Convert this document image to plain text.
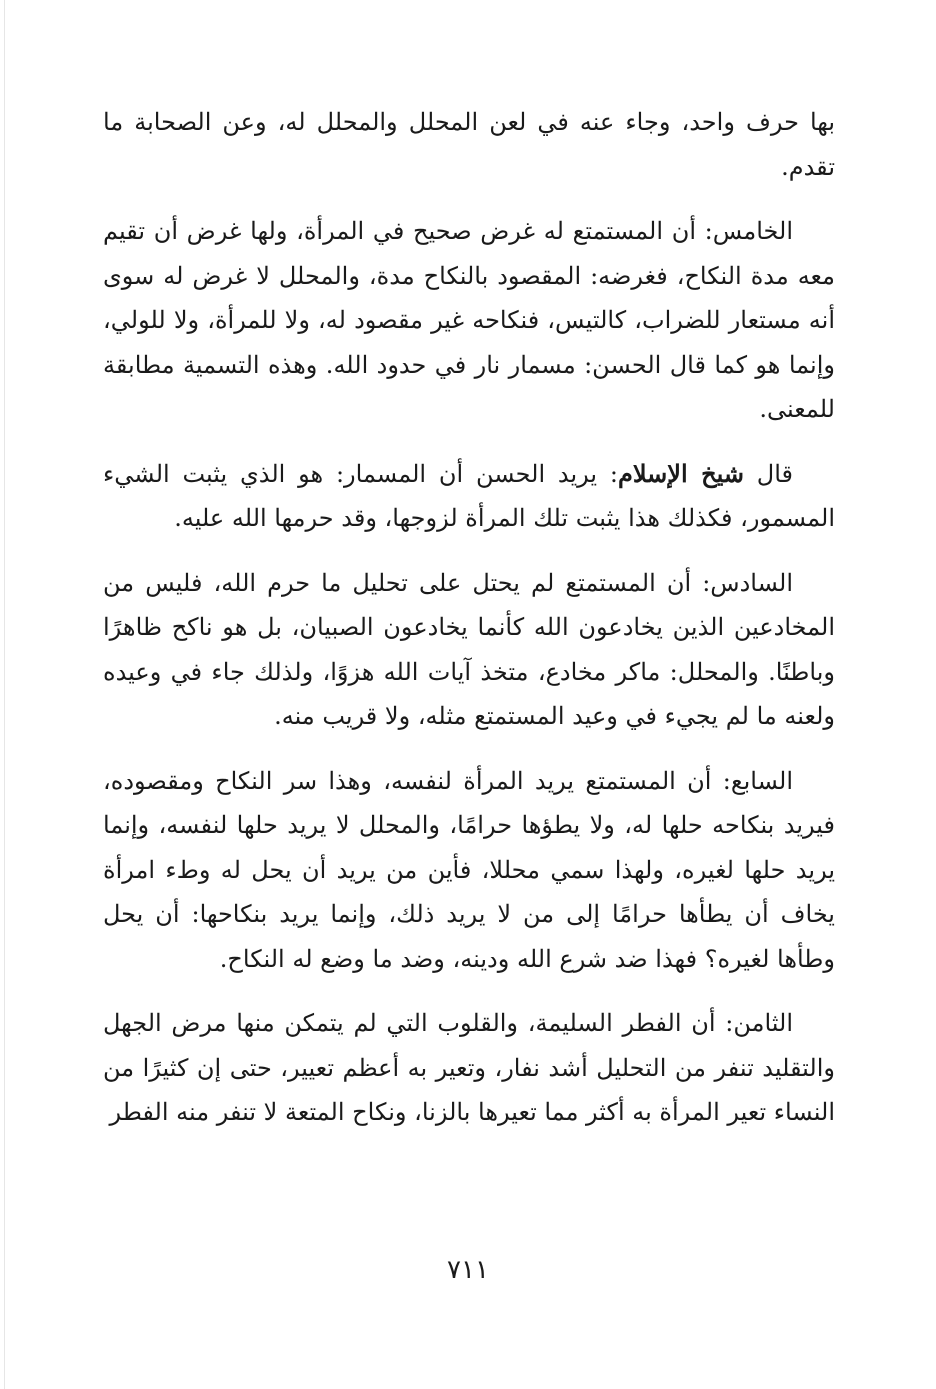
بها حرف واحد، وجاء عنه في لعن المحلل والمحلل له، وعن الصحابة ما تقدم.

الخامس: أن المستمتع له غرض صحيح في المرأة، ولها غرض أن تقيم معه مدة النكاح، فغرضه: المقصود بالنكاح مدة، والمحلل لا غرض له سوى أنه مستعار للضراب، كالتيس، فنكاحه غير مقصود له، ولا للمرأة، ولا للولي، وإنما هو كما قال الحسن: مسمار نار في حدود الله. وهذه التسمية مطابقة للمعنى.

قال شيخ الإسلام: يريد الحسن أن المسمار: هو الذي يثبت الشيء المسمور، فكذلك هذا يثبت تلك المرأة لزوجها، وقد حرمها الله عليه.

السادس: أن المستمتع لم يحتل على تحليل ما حرم الله، فليس من المخادعين الذين يخادعون الله كأنما يخادعون الصبيان، بل هو ناكح ظاهرًا وباطنًا. والمحلل: ماكر مخادع، متخذ آيات الله هزوًا، ولذلك جاء في وعيده ولعنه ما لم يجيء في وعيد المستمتع مثله، ولا قريب منه.

السابع: أن المستمتع يريد المرأة لنفسه، وهذا سر النكاح ومقصوده، فيريد بنكاحه حلها له، ولا يطؤها حرامًا، والمحلل لا يريد حلها لنفسه، وإنما يريد حلها لغيره، ولهذا سمي محللا، فأين من يريد أن يحل له وطء امرأة يخاف أن يطأها حرامًا إلى من لا يريد ذلك، وإنما يريد بنكاحها: أن يحل وطأها لغيره؟ فهذا ضد شرع الله ودينه، وضد ما وضع له النكاح.

الثامن: أن الفطر السليمة، والقلوب التي لم يتمكن منها مرض الجهل والتقليد تنفر من التحليل أشد نفار، وتعير به أعظم تعيير، حتى إن كثيرًا من النساء تعير المرأة به أكثر مما تعيرها بالزنا، ونكاح المتعة لا تنفر منه الفطر

٧١١
